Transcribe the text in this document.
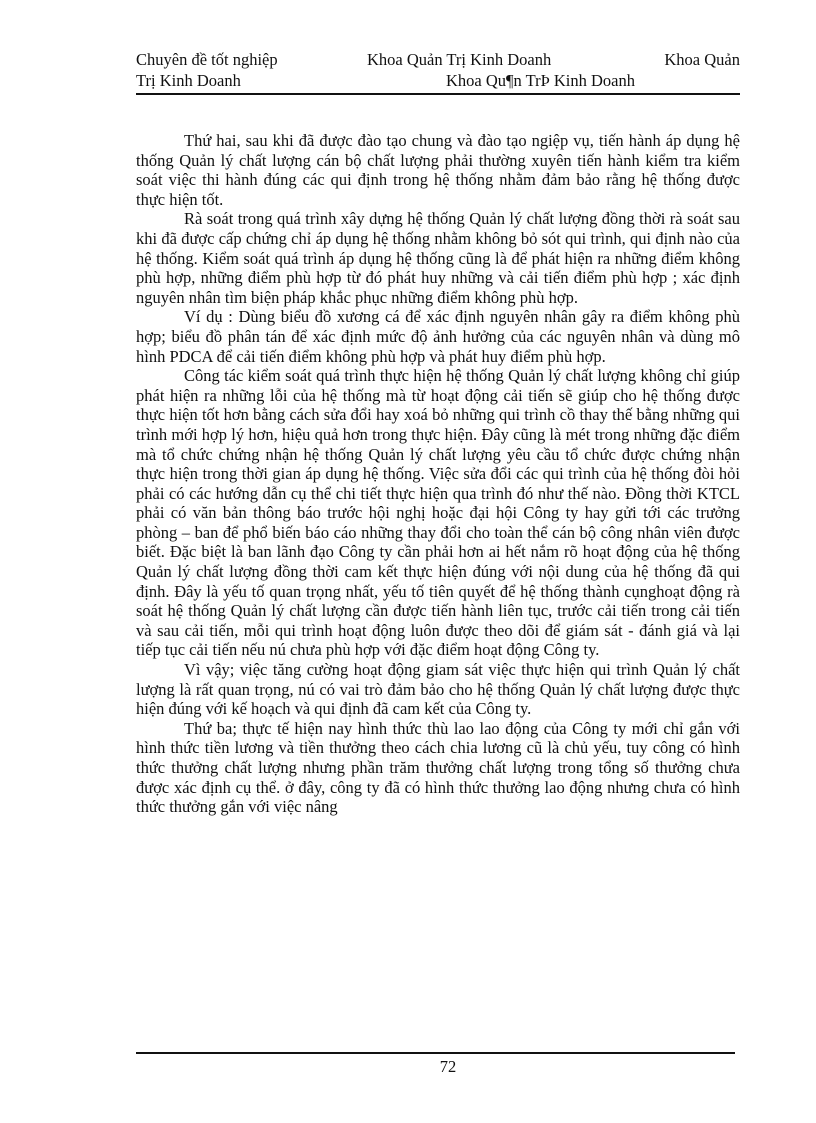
Chuyên đề tốt nghiệp	Khoa Quản Trị Kinh Doanh	Khoa Quản
Trị Kinh Doanh	Khoa Qu¶n TrÞ Kinh Doanh

Thứ hai, sau khi đã được đào tạo chung và đào tạo ngiệp vụ, tiến hành áp dụng hệ thống Quản lý chất lượng cán bộ chất lượng phải thường xuyên tiến hành kiểm tra kiểm soát việc thi hành đúng các qui định trong hệ thống nhằm đảm bảo rằng hệ thống được thực hiện tốt.

Rà soát trong quá trình xây dựng hệ thống Quản lý chất lượng đồng thời rà soát sau khi đã được cấp chứng chỉ áp dụng hệ thống nhằm không bỏ sót qui trình, qui định nào của hệ thống. Kiểm soát quá trình áp dụng hệ thống cũng là để phát hiện ra những điểm không phù hợp, những điểm phù hợp từ đó phát huy những và cải tiến điểm phù hợp ; xác định nguyên nhân tìm biện pháp khắc phục những điểm không phù hợp.

Ví dụ : Dùng biểu đồ xương cá để xác định nguyên nhân gây ra điểm không phù hợp; biểu đồ phân tán để xác định mức độ ảnh hưởng của các nguyên nhân và dùng mô hình PDCA để cải tiến điểm không phù hợp và phát huy điểm phù hợp.

Công tác kiểm soát quá trình thực hiện hệ thống Quản lý chất lượng không chỉ giúp phát hiện ra những lỗi của hệ thống mà từ hoạt động cải tiến sẽ giúp cho hệ thống được thực hiện tốt hơn bằng cách sửa đổi hay xoá bỏ những qui trình cồ thay thế bằng những qui trình mới hợp lý hơn, hiệu quả hơn trong thực hiện. Đây cũng là mét trong những đặc điểm mà tổ chức chứng nhận hệ thống Quản lý chất lượng yêu cầu tổ chức được chứng nhận thực hiện trong thời gian áp dụng hệ thống. Việc sửa đổi các qui trình của hệ thống đòi hỏi phải có các hướng dẫn cụ thể chi tiết thực hiện qua trình đó như thế nào. Đồng thời KTCL phải có văn bản thông báo trước hội nghị hoặc đại hội Công ty hay gửi tới các trưởng phòng – ban để phổ biến báo cáo những thay đổi cho toàn thể cán bộ công nhân viên được biết. Đặc biệt là ban lãnh đạo Công ty cần phải hơn ai hết nắm rõ hoạt động của hệ thống Quản lý chất lượng đồng thời cam kết thực hiện đúng với nội dung của hệ thống đã qui định. Đây là yếu tố quan trọng nhất, yếu tố tiên quyết để hệ thống thành cụnghoạt động rà soát hệ thống Quản lý chất lượng cần được tiến hành liên tục, trước cải tiến trong cải tiến và sau cải tiến, mỗi qui trình hoạt động luôn được theo dõi để giám sát - đánh giá và lại tiếp tục cải tiến nếu nú chưa phù hợp với đặc điểm hoạt động Công ty.

Vì vậy; việc tăng cường hoạt động giam sát việc thực hiện qui trình Quản lý chất lượng là rất quan trọng, nú có vai trò đảm bảo cho hệ thống Quản lý chất lượng được thực hiện đúng với kế hoạch và qui định đã cam kết của Công ty.

Thứ ba; thực tế hiện nay hình thức thù lao lao động của Công ty mới chỉ gắn với hình thức tiền lương và tiền thưởng theo cách chia lương cũ là chủ yếu, tuy công có hình thức thưởng chất lượng nhưng phần trăm thưởng chất lượng trong tổng số thưởng chưa được xác định cụ thể. ở đây, công ty đã có hình thức thưởng lao động nhưng chưa có hình thức thưởng gắn với việc nâng

72
